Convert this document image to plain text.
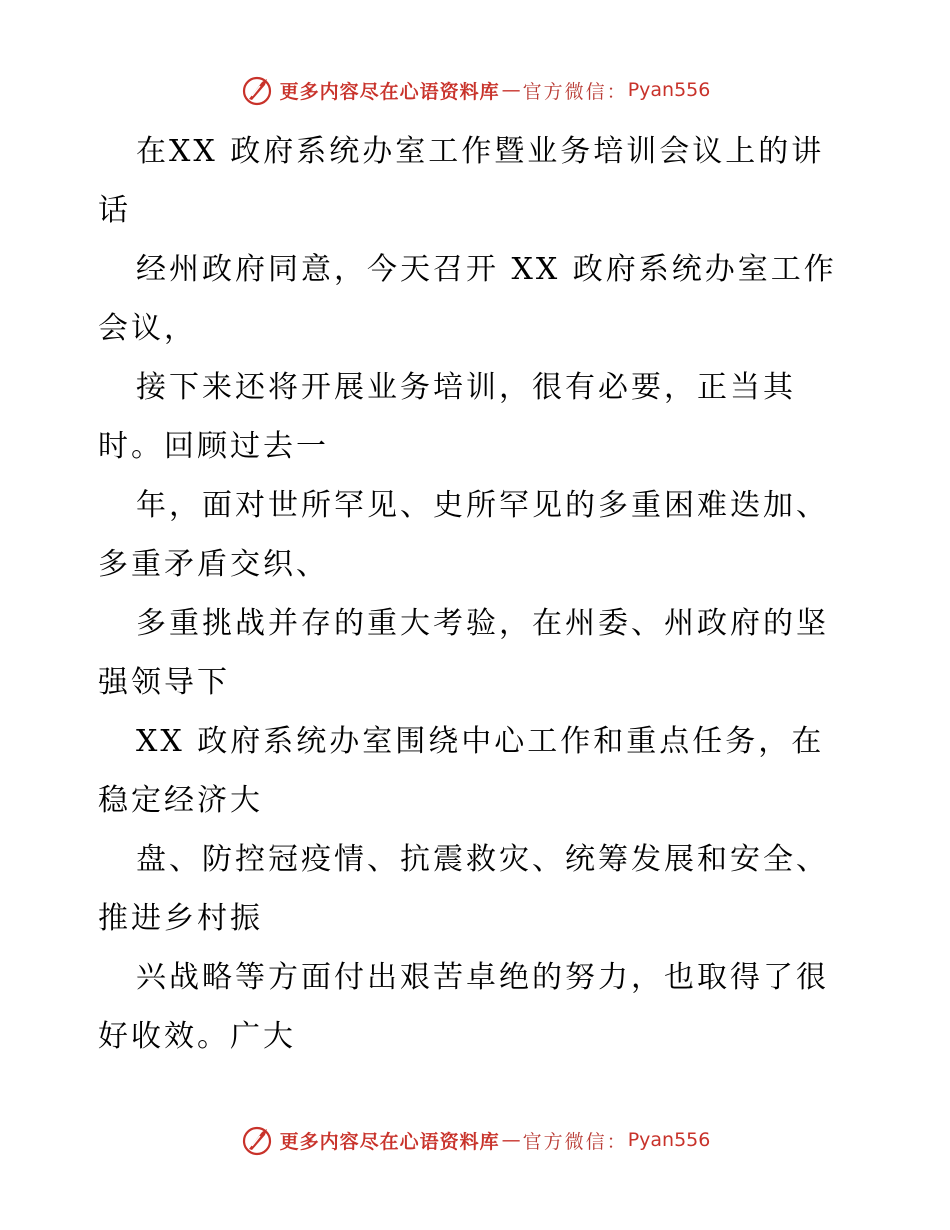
更多内容尽在心语资料库 — 官方微信： Pyan556
在XX 政府系统办室工作暨业务培训会议上的讲
话
经州政府同意，今天召开 XX 政府系统办室工作
会议，
接下来还将开展业务培训，很有必要，正当其
时。回顾过去一
年，面对世所罕见、史所罕见的多重困难迭加、
多重矛盾交织、
多重挑战并存的重大考验，在州委、州政府的坚
强领导下
XX 政府系统办室围绕中心工作和重点任务，在
稳定经济大
盘、防控冠疫情、抗震救灾、统筹发展和安全、
推进乡村振
兴战略等方面付出艰苦卓绝的努力，也取得了很
好收效。广大
更多内容尽在心语资料库 — 官方微信： Pyan556
